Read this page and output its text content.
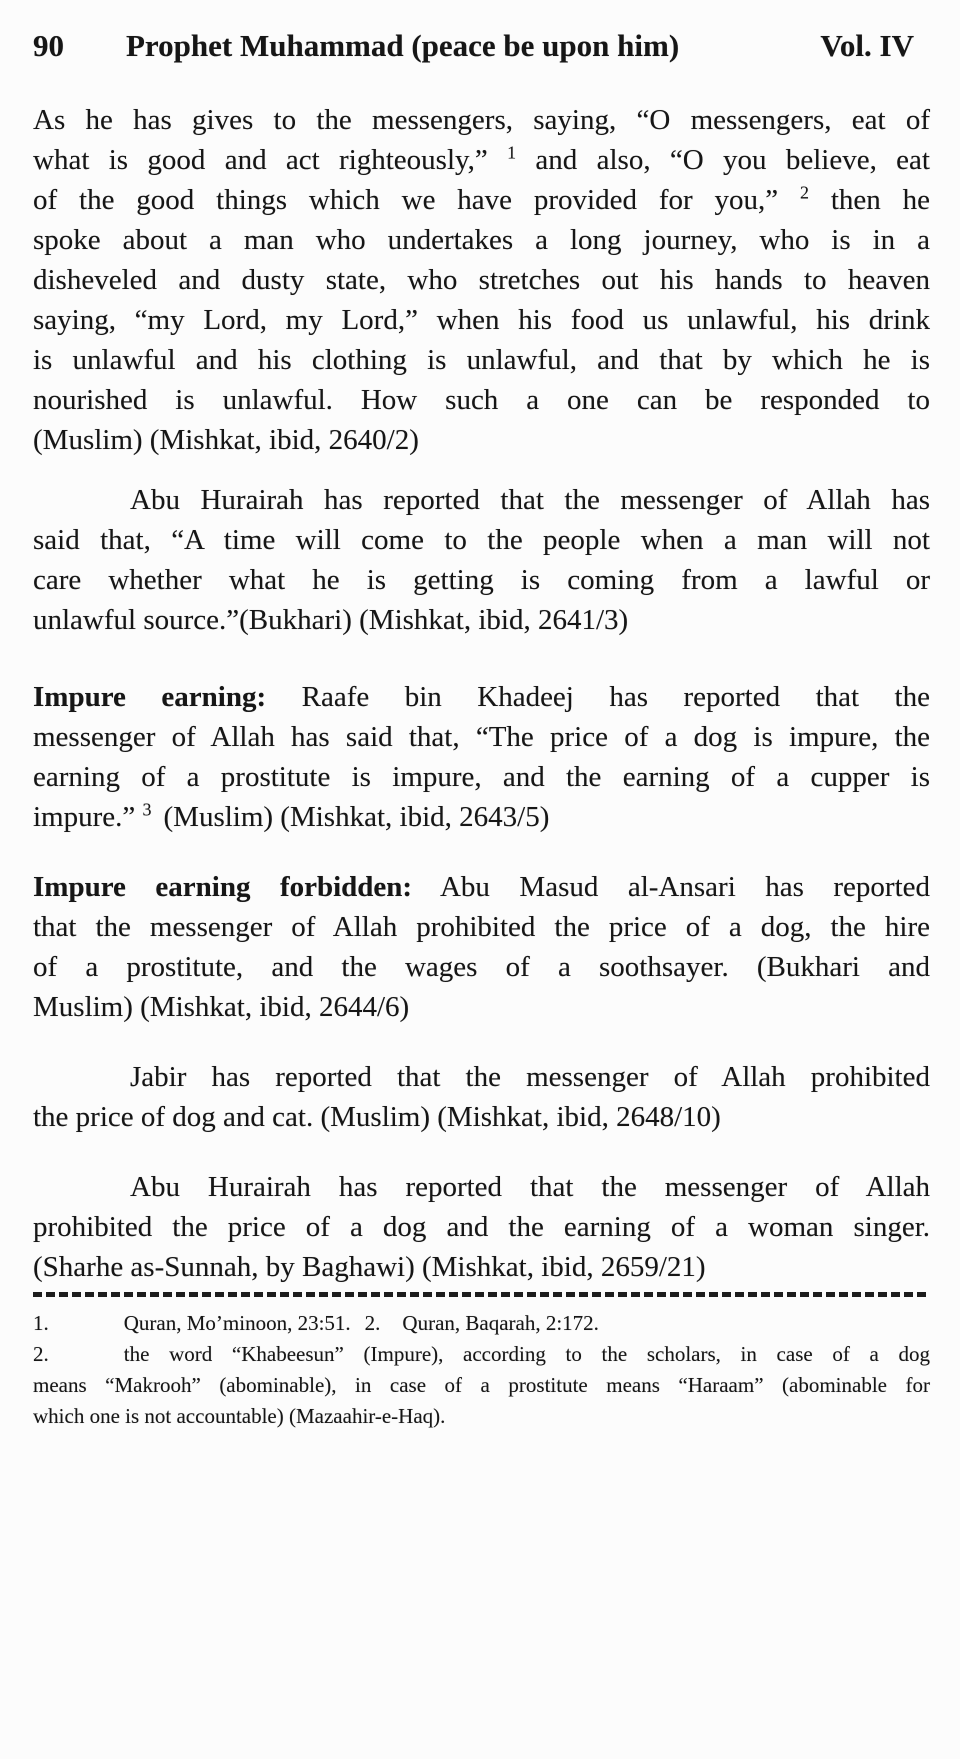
90 Prophet Muhammad (peace be upon him)	Vol. IV
As he has gives to the messengers, saying, “O messengers, eat of
what is good and act righteously,” $^1$ and also, “O you believe, eat
of the good things which we have provided for you,” $^2$ then he
spoke about a man who undertakes a long journey, who is in a
disheveled and dusty state, who stretches out his hands to heaven
saying, “my Lord, my Lord,” when his food us unlawful, his drink
is unlawful and his clothing is unlawful, and that by which he is
nourished is unlawful. How such a one can be responded to
(Muslim) (Mishkat, ibid, 2640/2)
Abu Hurairah has reported that the messenger of Allah has
said that, “A time will come to the people when a man will not
care whether what he is getting is coming from a lawful or
unlawful source.”(Bukhari) (Mishkat, ibid, 2641/3)
Impure earning: Raafe bin Khadeej has reported that the
messenger of Allah has said that, “The price of a dog is impure, the
earning of a prostitute is impure, and the earning of a cupper is
impure.” $^3$ (Muslim) (Mishkat, ibid, 2643/5)
Impure earning forbidden: Abu Masud al-Ansari has reported
that the messenger of Allah prohibited the price of a dog, the hire
of a prostitute, and the wages of a soothsayer. (Bukhari and
Muslim) (Mishkat, ibid, 2644/6)
Jabir has reported that the messenger of Allah prohibited
the price of dog and cat. (Muslim) (Mishkat, ibid, 2648/10)
Abu Hurairah has reported that the messenger of Allah
prohibited the price of a dog and the earning of a woman singer.
(Sharhe as-Sunnah, by Baghawi) (Mishkat, ibid, 2659/21)
1.	Quran, Mo’minoon, 23:51. 2. Quran, Baqarah, 2:172.
2.	the word “Khabeesun” (Impure), according to the scholars, in case of a dog
means “Makrooh” (abominable), in case of a prostitute means “Haraam” (abominable for
which one is not accountable) (Mazaahir-e-Haq).
